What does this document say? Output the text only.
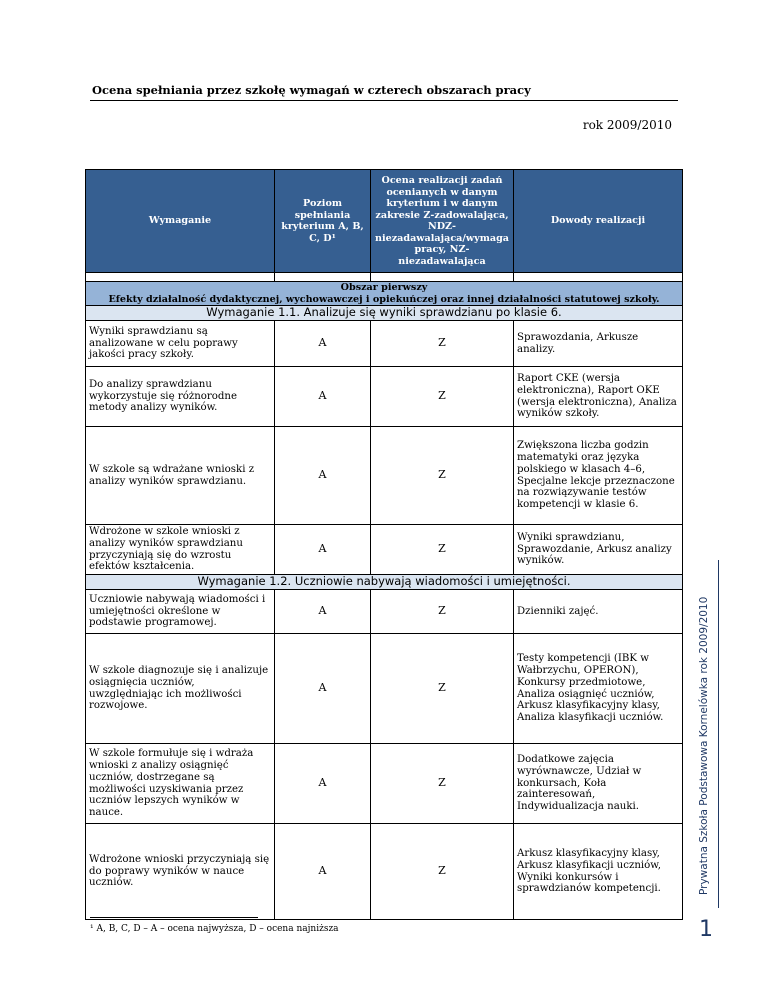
Ocena spełniania przez szkołę wymagań w czterech obszarach pracy
rok 2009/2010
Wymaganie	Poziom spełniania kryterium A, B, C, D¹	Ocena realizacji zadań ocenianych w danym kryterium i w danym zakresie Z-zadowalająca, NDZ-niezadawalająca/wymaga pracy, NZ- niezadawalająca	Dowody realizacji

Obszar pierwszy
Efekty działalność dydaktycznej, wychowawczej i opiekuńczej oraz innej działalności statutowej szkoły.			

Wymaganie 1.1. Analizuje się wyniki sprawdzianu po klasie 6.			
Wyniki sprawdzianu są analizowane w celu poprawy jakości pracy szkoły.	A	Z	Sprawozdania, Arkusze analizy.
Do analizy sprawdzianu wykorzystuje się różnorodne metody analizy wyników.	A	Z	Raport CKE (wersja elektroniczna), Raport OKE (wersja elektroniczna), Analiza wyników szkoły.
W szkole są wdrażane wnioski z analizy wyników sprawdzianu.	A	Z	Zwiększona liczba godzin matematyki oraz języka polskiego w klasach 4–6, Specjalne lekcje przeznaczone na rozwiązywanie testów kompetencji w klasie 6.
Wdrożone w szkole wnioski z analizy wyników sprawdzianu przyczyniają się do wzrostu efektów kształcenia.	A	Z	Wyniki sprawdzianu, Sprawozdanie, Arkusz analizy wyników.
Wymaganie 1.2. Uczniowie nabywają wiadomości i umiejętności.			
Uczniowie nabywają wiadomości i umiejętności określone w podstawie programowej.	A	Z	Dzienniki zajęć.
W szkole diagnozuje się i analizuje osiągnięcia uczniów, uwzględniając ich możliwości rozwojowe.	A	Z	Testy kompetencji (IBK w Wałbrzychu, OPERON), Konkursy przedmiotowe, Analiza osiągnięć uczniów, Arkusz klasyfikacyjny klasy, Analiza klasyfikacji uczniów.
W szkole formułuje się i wdraża wnioski z analizy osiągnięć uczniów, dostrzegane są możliwości uzyskiwania przez uczniów lepszych wyników w nauce.	A	Z	Dodatkowe zajęcia wyrównawcze, Udział w konkursach, Koła zainteresowań, Indywidualizacja nauki.
Wdrożone wnioski przyczyniają się do poprawy wyników w nauce uczniów.	A	Z	Arkusz klasyfikacyjny klasy, Arkusz klasyfikacji uczniów, Wyniki konkursów i sprawdzianów kompetencji.
¹ A, B, C, D – A – ocena najwyższa, D – ocena najniższa
Prywatna Szkoła Podstawowa Kornelówka rok 2009/2010
1
